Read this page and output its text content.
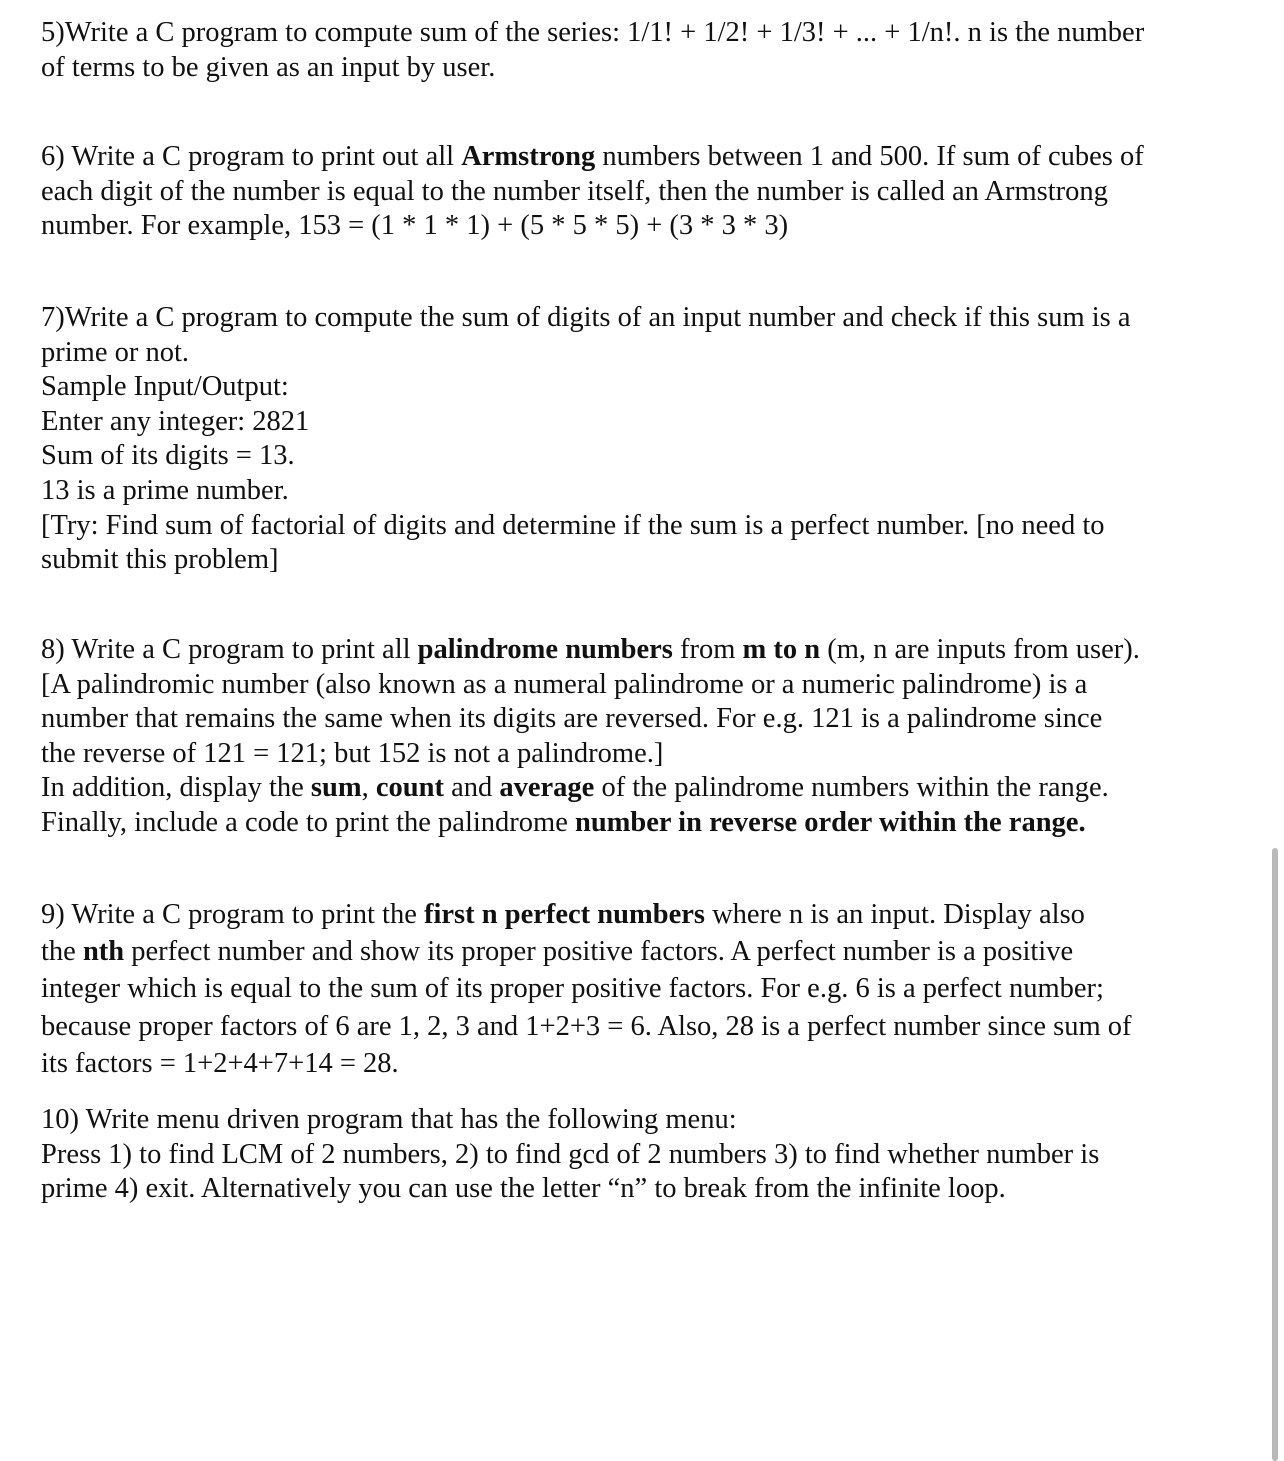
5)Write a C program to compute sum of the series: 1/1! + 1/2! + 1/3! + ... + 1/n!. n is the number
of terms to be given as an input by user.
6) Write a C program to print out all Armstrong numbers between 1 and 500. If sum of cubes of
each digit of the number is equal to the number itself, then the number is called an Armstrong
number. For example, 153 = (1 * 1 * 1) + (5 * 5 * 5) + (3 * 3 * 3)
7)Write a C program to compute the sum of digits of an input number and check if this sum is a
prime or not.
Sample Input/Output:
Enter any integer: 2821
Sum of its digits = 13.
13 is a prime number.
[Try: Find sum of factorial of digits and determine if the sum is a perfect number. [no need to
submit this problem]
8) Write a C program to print all palindrome numbers from m to n (m, n are inputs from user).
[A palindromic number (also known as a numeral palindrome or a numeric palindrome) is a
number that remains the same when its digits are reversed. For e.g. 121 is a palindrome since
the reverse of 121 = 121; but 152 is not a palindrome.]
In addition, display the sum, count and average of the palindrome numbers within the range.
Finally, include a code to print the palindrome number in reverse order within the range.
9) Write a C program to print the first n perfect numbers where n is an input. Display also
the nth perfect number and show its proper positive factors. A perfect number is a positive
integer which is equal to the sum of its proper positive factors. For e.g. 6 is a perfect number;
because proper factors of 6 are 1, 2, 3 and 1+2+3 = 6. Also, 28 is a perfect number since sum of
its factors = 1+2+4+7+14 = 28.
10) Write menu driven program that has the following menu:
Press 1) to find LCM of 2 numbers, 2) to find gcd of 2 numbers 3) to find whether number is
prime 4) exit. Alternatively you can use the letter “n” to break from the infinite loop.
